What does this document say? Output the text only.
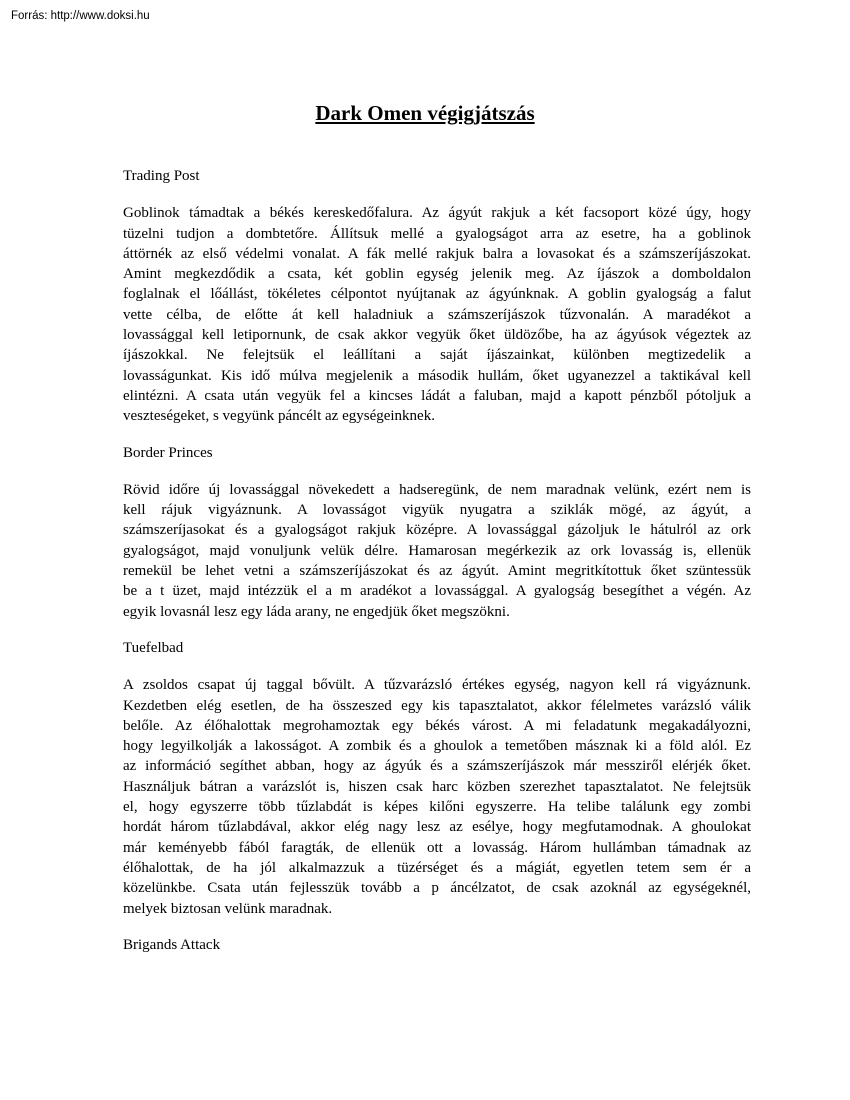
Forrás: http://www.doksi.hu
Dark Omen végigjátszás
Trading Post
Goblinok támadtak a békés kereskedőfalura. Az ágyút rakjuk a két facsoport közé úgy, hogy
tüzelni tudjon a dombtetőre. Állítsuk mellé a gyalogságot arra az esetre, ha a goblinok
áttörnék az első védelmi vonalat. A fák mellé rakjuk balra a lovasokat és a számszeríjászokat.
Amint megkezdődik a csata, két goblin egység jelenik meg. Az íjászok a domboldalon
foglalnak el lőállást, tökéletes célpontot nyújtanak az ágyúnknak. A goblin gyalogság a falut
vette célba, de előtte át kell haladniuk a számszeríjászok tűzvonalán. A maradékot a
lovassággal kell letipornunk, de csak akkor vegyük őket üldözőbe, ha az ágyúsok végeztek az
íjászokkal. Ne felejtsük el leállítani a saját íjászainkat, különben megtizedelik a
lovasságunkat. Kis idő múlva megjelenik a második hullám, őket ugyanezzel a taktikával kell
elintézni. A csata után vegyük fel a kincses ládát a faluban, majd a kapott pénzből pótoljuk a
veszteségeket, s vegyünk páncélt az egységeinknek.
Border Princes
Rövid időre új lovassággal növekedett a hadseregünk, de nem maradnak velünk, ezért nem is
kell rájuk vigyáznunk. A lovasságot vigyük nyugatra a sziklák mögé, az ágyút, a
számszeríjasokat és a gyalogságot rakjuk középre. A lovassággal gázoljuk le hátulról az ork
gyalogságot, majd vonuljunk velük délre. Hamarosan megérkezik az ork lovasság is, ellenük
remekül be lehet vetni a számszeríjászokat és az ágyút. Amint megritkítottuk őket szüntessük
be a t üzet, majd intézzük el a m aradékot a lovassággal. A gyalogság besegíthet a végén. Az
egyik lovasnál lesz egy láda arany, ne engedjük őket megszökni.
Tuefelbad
A zsoldos csapat új taggal bővült. A tűzvarázsló értékes egység, nagyon kell rá vigyáznunk.
Kezdetben elég esetlen, de ha összeszed egy kis tapasztalatot, akkor félelmetes varázsló válik
belőle. Az élőhalottak megrohamoztak egy békés várost. A mi feladatunk megakadályozni,
hogy legyilkolják a lakosságot. A zombik és a ghoulok a temetőben másznak ki a föld alól. Ez
az információ segíthet abban, hogy az ágyúk és a számszeríjászok már messziről elérjék őket.
Használjuk bátran a varázslót is, hiszen csak harc közben szerezhet tapasztalatot. Ne felejtsük
el, hogy egyszerre több tűzlabdát is képes kilőni egyszerre. Ha telibe találunk egy zombi
hordát három tűzlabdával, akkor elég nagy lesz az esélye, hogy megfutamodnak. A ghoulokat
már keményebb fából faragták, de ellenük ott a lovasság. Három hullámban támadnak az
élőhalottak, de ha jól alkalmazzuk a tüzérséget és a mágiát, egyetlen tetem sem ér a
közelünkbe. Csata után fejlesszük tovább a p áncélzatot, de csak azoknál az egységeknél,
melyek biztosan velünk maradnak.
Brigands Attack
